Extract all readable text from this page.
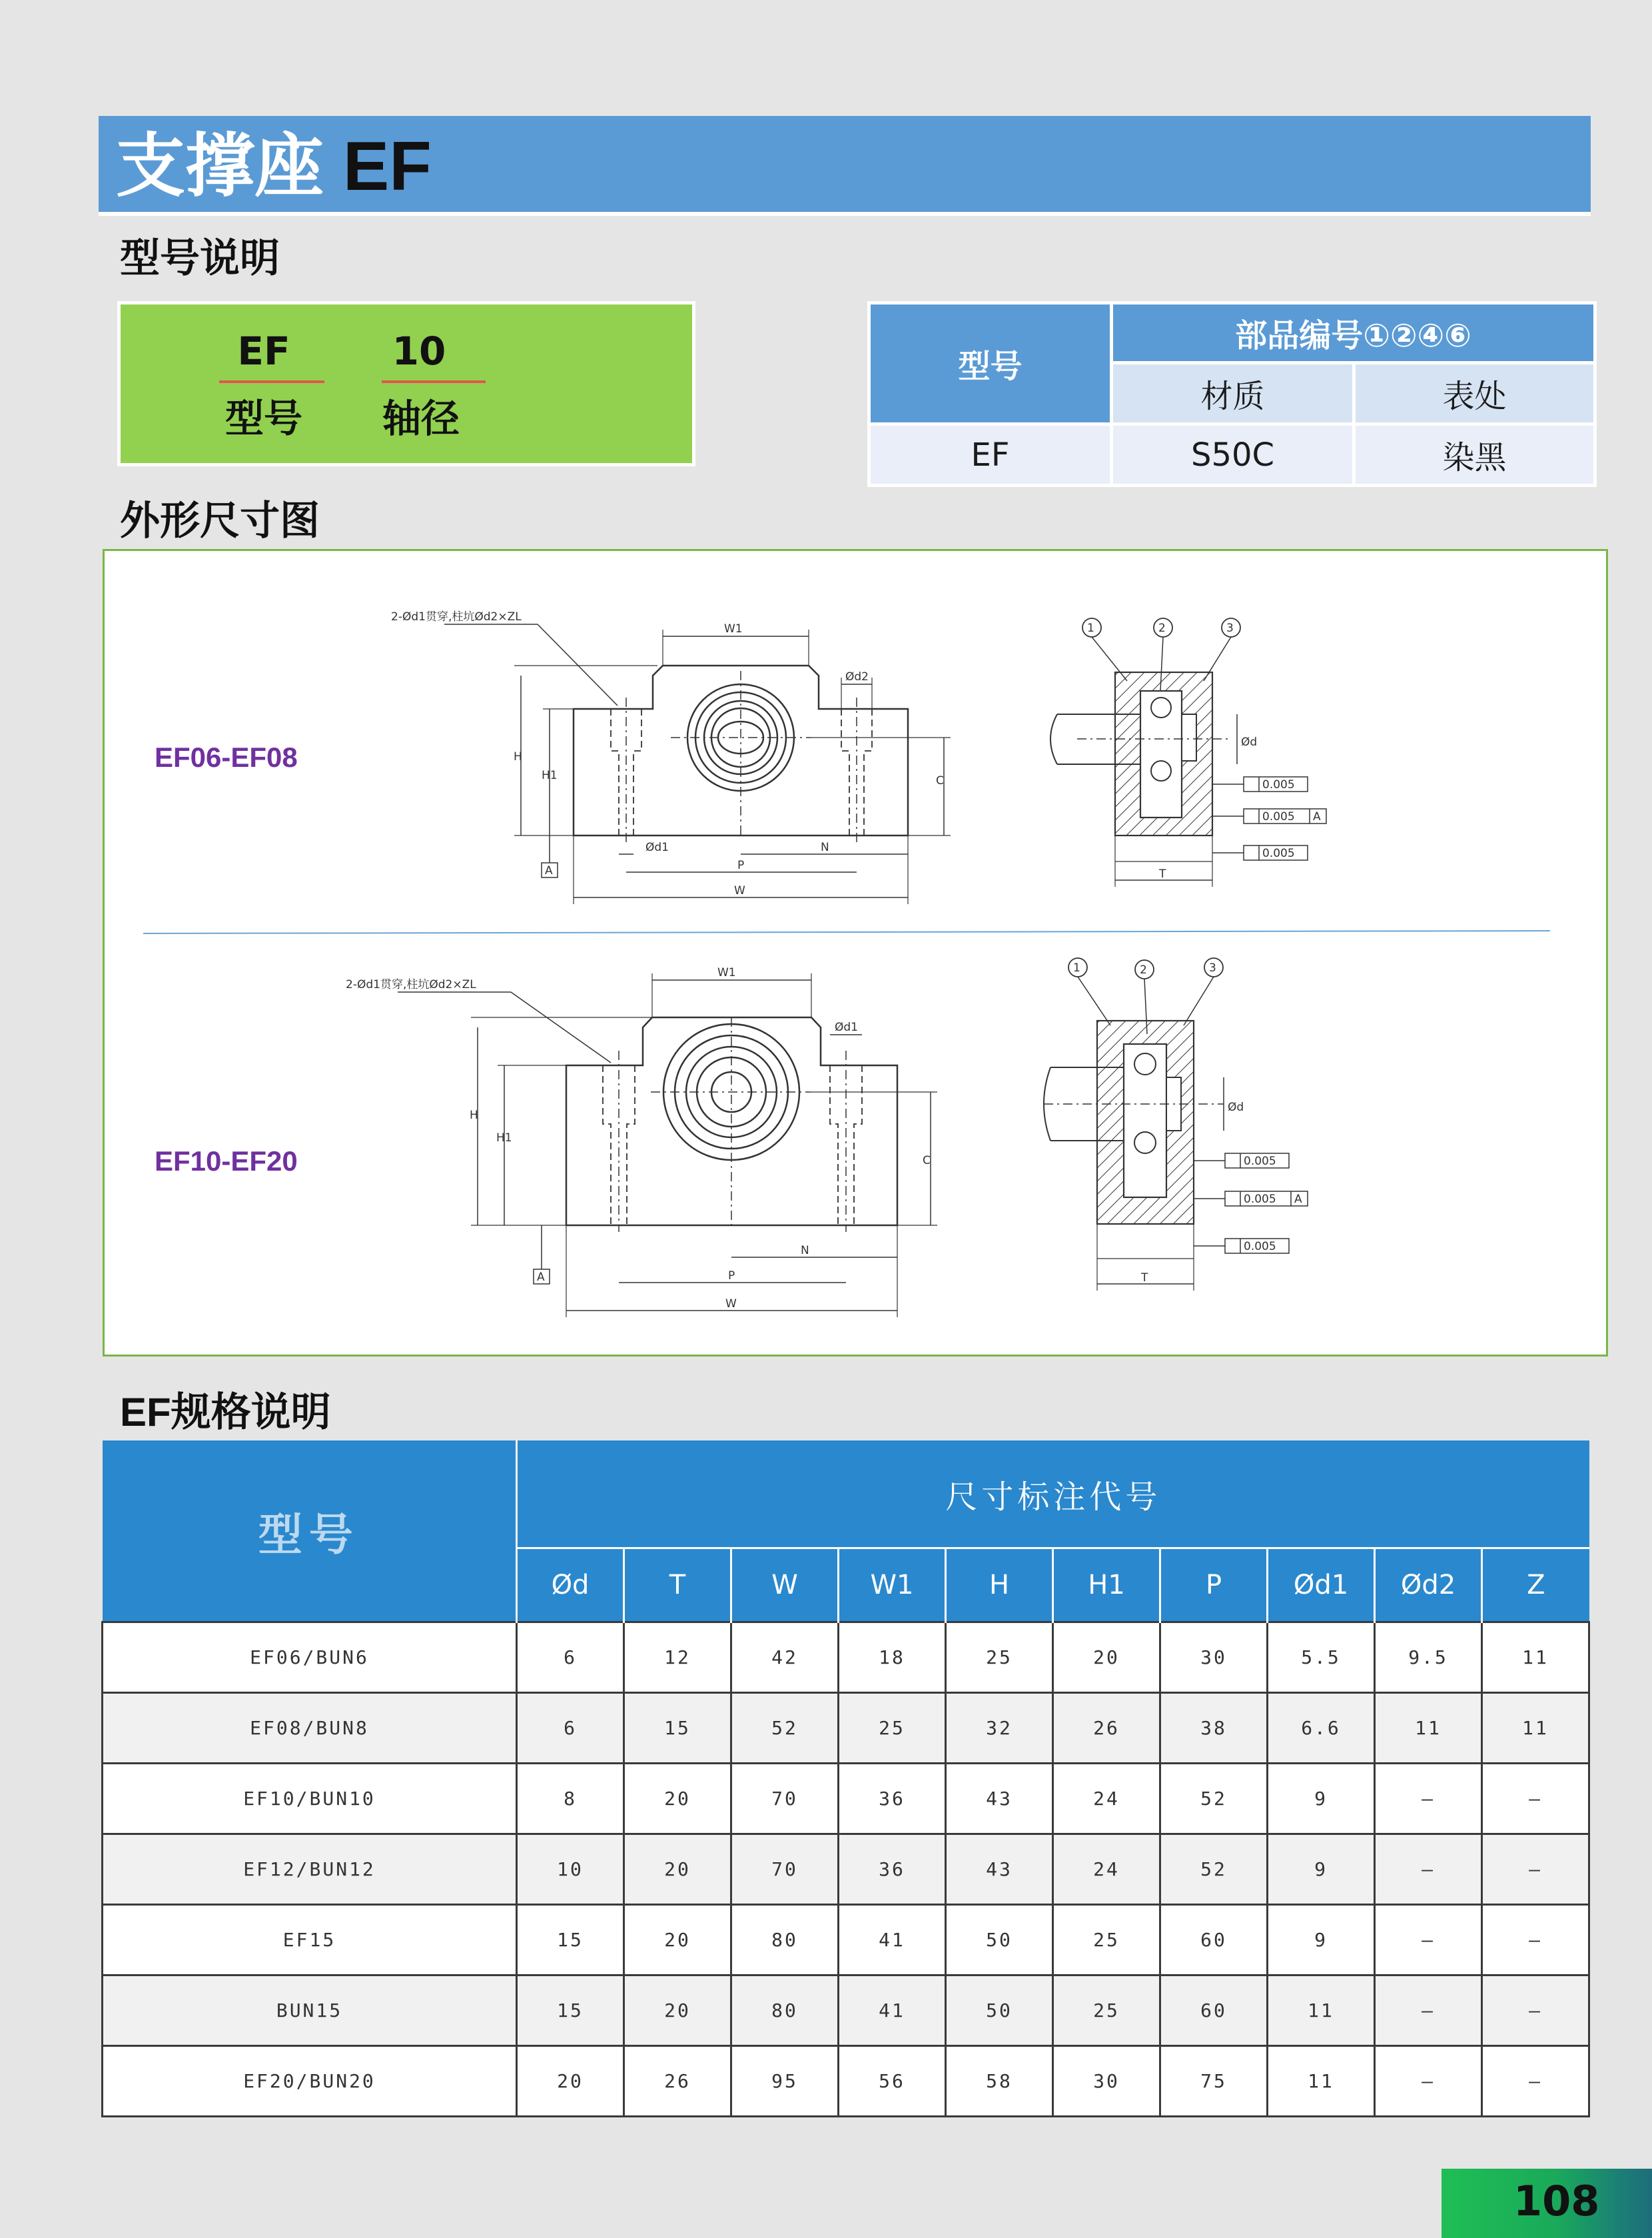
支撑座 EF
型号说明
EF
型号
10
轴径
型号	部品编号①②④⑥	
	材质	表处
EF	S50C	染黑
外形尺寸图
EF06-EF08
EF10-EF20
2-Ød1贯穿,柱坑Ød2×ZL
W1
Ød2
H
H1	C
A
Ød1	N
P
W
1	2	3
Ød
0.005
0.005 A
0.005
T
2-Ød1贯穿,柱坑Ød2×ZL
W1
Ød1
H
H1
C
A
N
P
W
1	2	3
Ød
0.005
0.005 A
0.005
T
EF规格说明
型号	尺寸标注代号									
	Ød	T	W	W1	H	H1	P	Ød1	Ød2	Z
EF06/BUN6	6	12	42	18	25	20	30	5.5	9.5	11
EF08/BUN8	6	15	52	25	32	26	38	6.6	11	11
EF10/BUN10	8	20	70	36	43	24	52	9	–	–
EF12/BUN12	10	20	70	36	43	24	52	9	–	–
EF15	15	20	80	41	50	25	60	9	–	–
BUN15	15	20	80	41	50	25	60	11	–	–
EF20/BUN20	20	26	95	56	58	30	75	11	–	–
108
